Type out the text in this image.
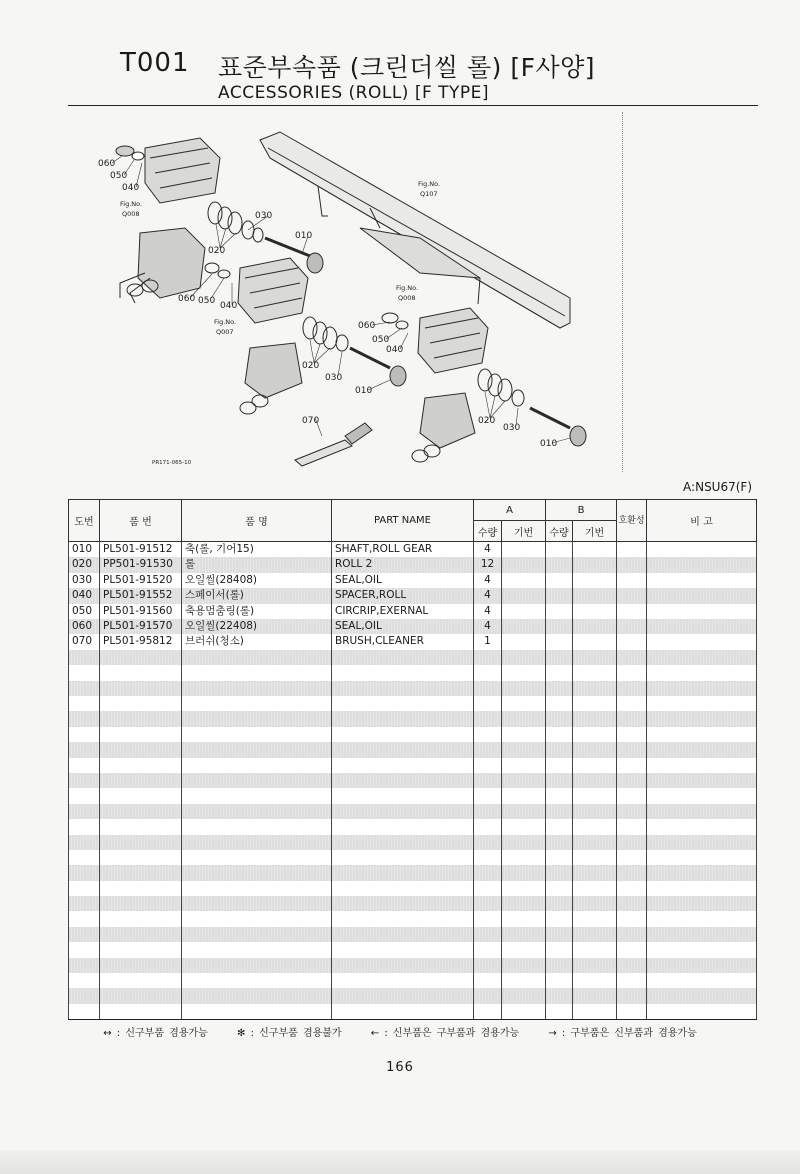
T001 표준부속품 (크린더씰 롤) [F사양]
ACCESSORIES (ROLL) [F TYPE]
060
050
040
020
030
010
070
060 050 040
020
030
010
060
050
040
020
030
010
Fig.No.
Q107
Fig.No.
Q008
Fig.No.
Q008
Fig.No.
Q007
PR171-065-10
A:NSU67(F)
도번	품 번	품 명	PART NAME	A		B		호환성	비 고
				수량	기번	수량	기번		
010	PL501-91512	축(롤, 기어15)	SHAFT,ROLL GEAR	4					
020	PP501-91530	롤	ROLL 2	12					
030	PL501-91520	오일씰(28408)	SEAL,OIL	4					
040	PL501-91552	스페이서(롤)	SPACER,ROLL	4					
050	PL501-91560	축용멈춤링(롤)	CIRCRIP,EXERNAL	4					
060	PL501-91570	오일씰(22408)	SEAL,OIL	4					
070	PL501-95812	브러쉬(청소)	BRUSH,CLEANER	1					

↔ : 신구부품 겸용가능	✻ : 신구부품 겸용불가	← : 신부품은 구부품과 겸용가능	→ : 구부품은 신부품과 겸용가능
166
